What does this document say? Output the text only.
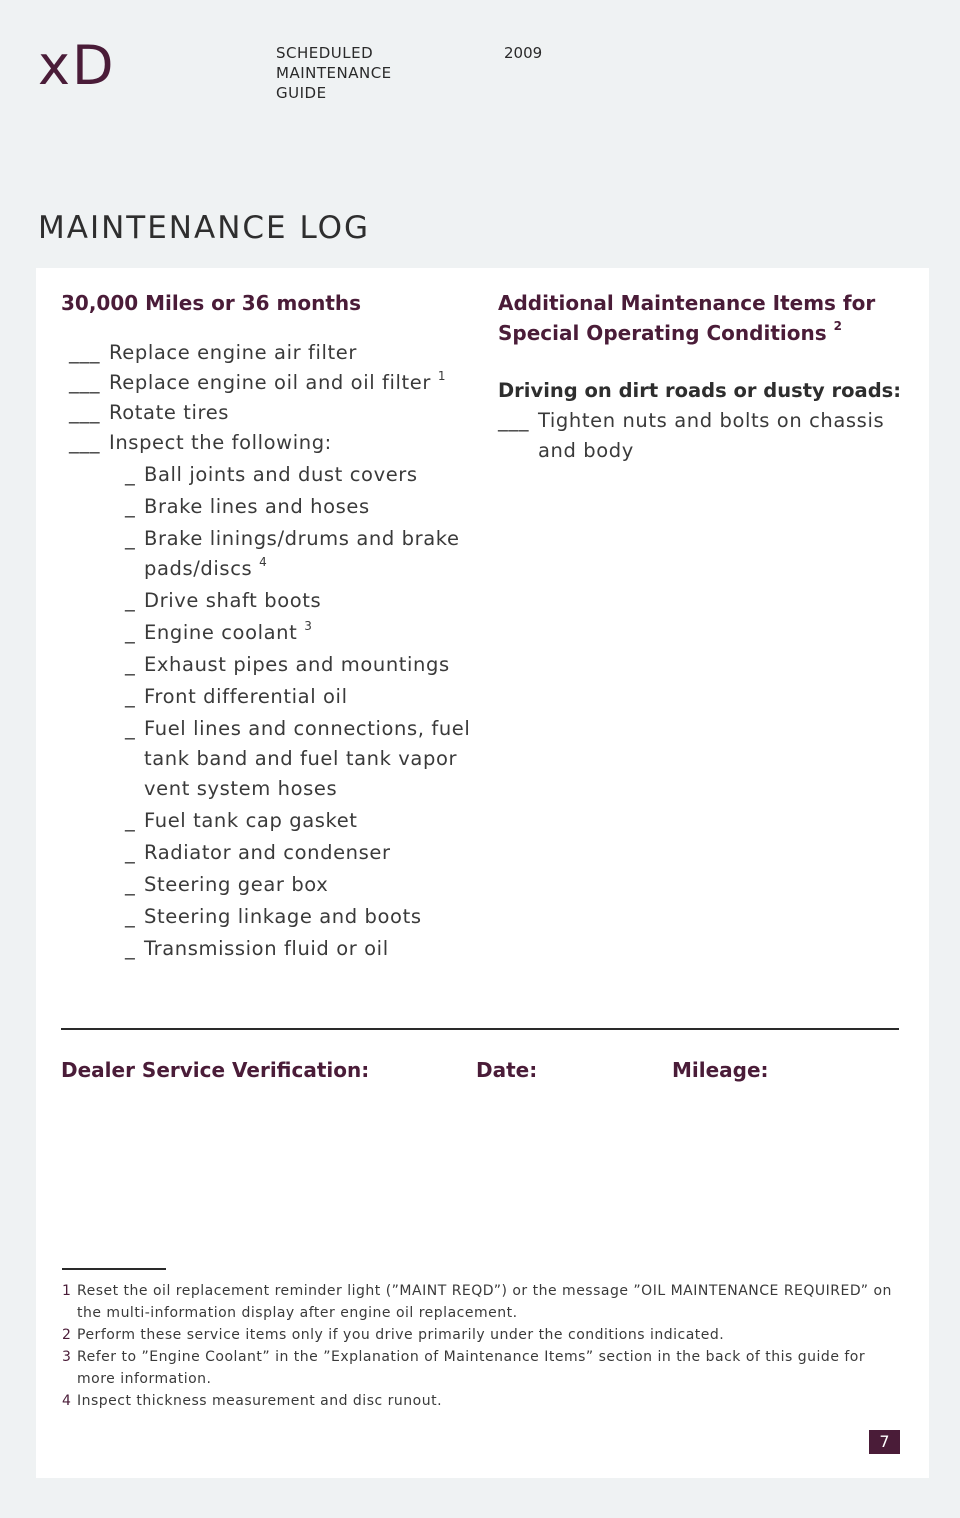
xD	SCHEDULED
MAINTENANCE
GUIDE
2009
MAINTENANCE LOG
30,000 Miles or 36 months
___ Replace engine air filter
___ Replace engine oil and oil filter $^1$
___ Rotate tires
___ Inspect the following:
_ Ball joints and dust covers
_ Brake lines and hoses
_ Brake linings/drums and brake pads/discs $^4$
_ Drive shaft boots
_ Engine coolant $^3$
_ Exhaust pipes and mountings
_ Front differential oil
_ Fuel lines and connections, fuel tank band and fuel tank vapor vent system hoses
_ Fuel tank cap gasket
_ Radiator and condenser
_ Steering gear box
_ Steering linkage and boots
_ Transmission fluid or oil
Additional Maintenance Items for Special Operating Conditions $^2$
Driving on dirt roads or dusty roads:
___ Tighten nuts and bolts on chassis and body
Dealer Service Verification:	Date:	Mileage:
1 Reset the oil replacement reminder light (”MAINT REQD”) or the message ”OIL MAINTENANCE REQUIRED” on the multi-information display after engine oil replacement.
2 Perform these service items only if you drive primarily under the conditions indicated.
3 Refer to ”Engine Coolant” in the ”Explanation of Maintenance Items” section in the back of this guide for more information.
4 Inspect thickness measurement and disc runout.
7
